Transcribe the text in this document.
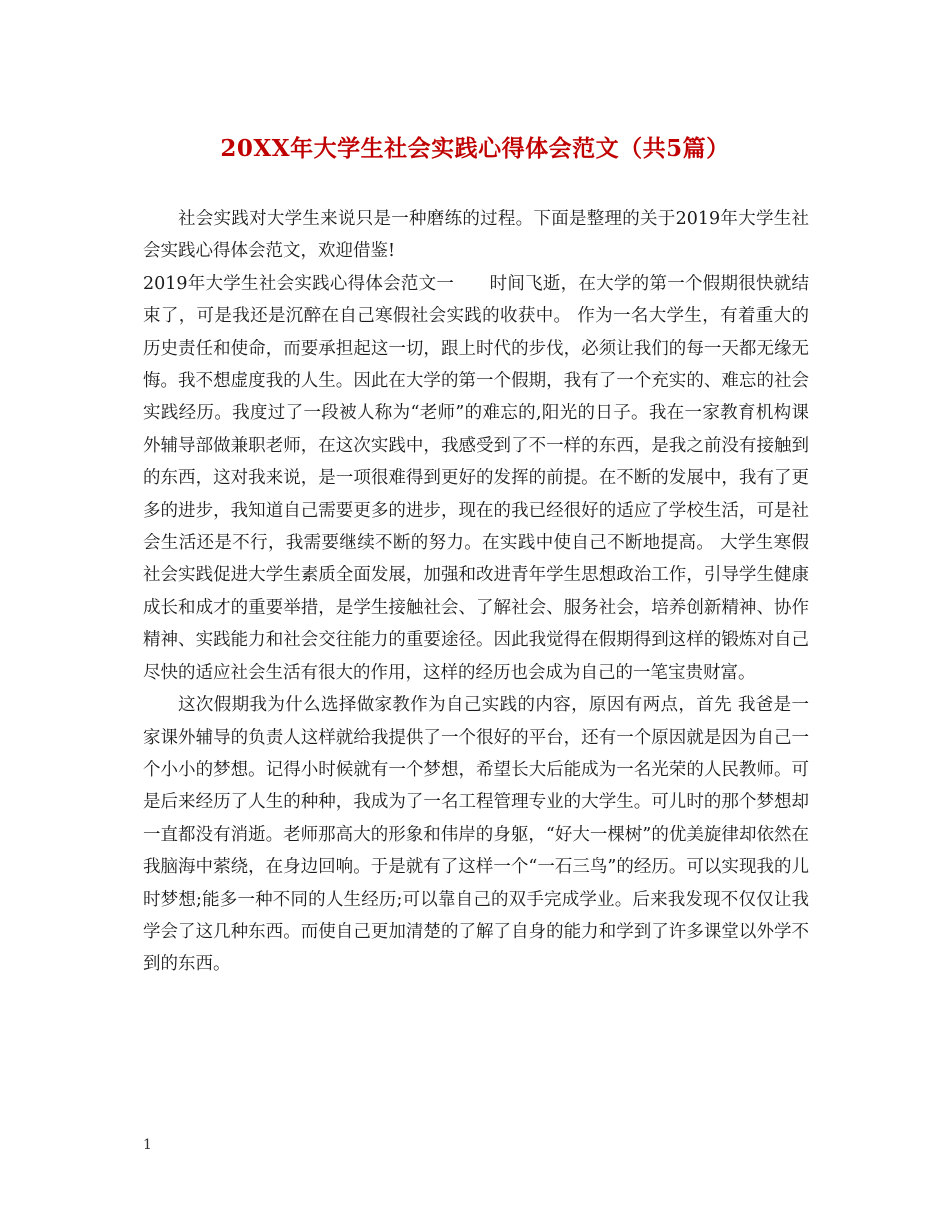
20XX年大学生社会实践心得体会范文（共5篇）

社会实践对大学生来说只是一种磨练的过程。下面是整理的关于2019年大学生社会实践心得体会范文，欢迎借鉴!

2019年大学生社会实践心得体会范文一　　时间飞逝，在大学的第一个假期很快就结束了，可是我还是沉醉在自己寒假社会实践的收获中。 作为一名大学生，有着重大的历史责任和使命，而要承担起这一切，跟上时代的步伐，必须让我们的每一天都无缘无悔。我不想虚度我的人生。因此在大学的第一个假期，我有了一个充实的、难忘的社会实践经历。我度过了一段被人称为“老师”的难忘的,阳光的日子。我在一家教育机构课外辅导部做兼职老师，在这次实践中，我感受到了不一样的东西，是我之前没有接触到的东西，这对我来说，是一项很难得到更好的发挥的前提。在不断的发展中，我有了更多的进步，我知道自己需要更多的进步，现在的我已经很好的适应了学校生活，可是社会生活还是不行，我需要继续不断的努力。在实践中使自己不断地提高。 大学生寒假社会实践促进大学生素质全面发展，加强和改进青年学生思想政治工作，引导学生健康成长和成才的重要举措，是学生接触社会、了解社会、服务社会，培养创新精神、协作精神、实践能力和社会交往能力的重要途径。因此我觉得在假期得到这样的锻炼对自己尽快的适应社会生活有很大的作用，这样的经历也会成为自己的一笔宝贵财富。

这次假期我为什么选择做家教作为自己实践的内容，原因有两点，首先 我爸是一家课外辅导的负责人这样就给我提供了一个很好的平台，还有一个原因就是因为自己一个小小的梦想。记得小时候就有一个梦想，希望长大后能成为一名光荣的人民教师。可是后来经历了人生的种种，我成为了一名工程管理专业的大学生。可儿时的那个梦想却一直都没有消逝。老师那高大的形象和伟岸的身躯，“好大一棵树”的优美旋律却依然在我脑海中萦绕，在身边回响。于是就有了这样一个“一石三鸟”的经历。可以实现我的儿时梦想;能多一种不同的人生经历;可以靠自己的双手完成学业。后来我发现不仅仅让我学会了这几种东西。而使自己更加清楚的了解了自身的能力和学到了许多课堂以外学不到的东西。

1
